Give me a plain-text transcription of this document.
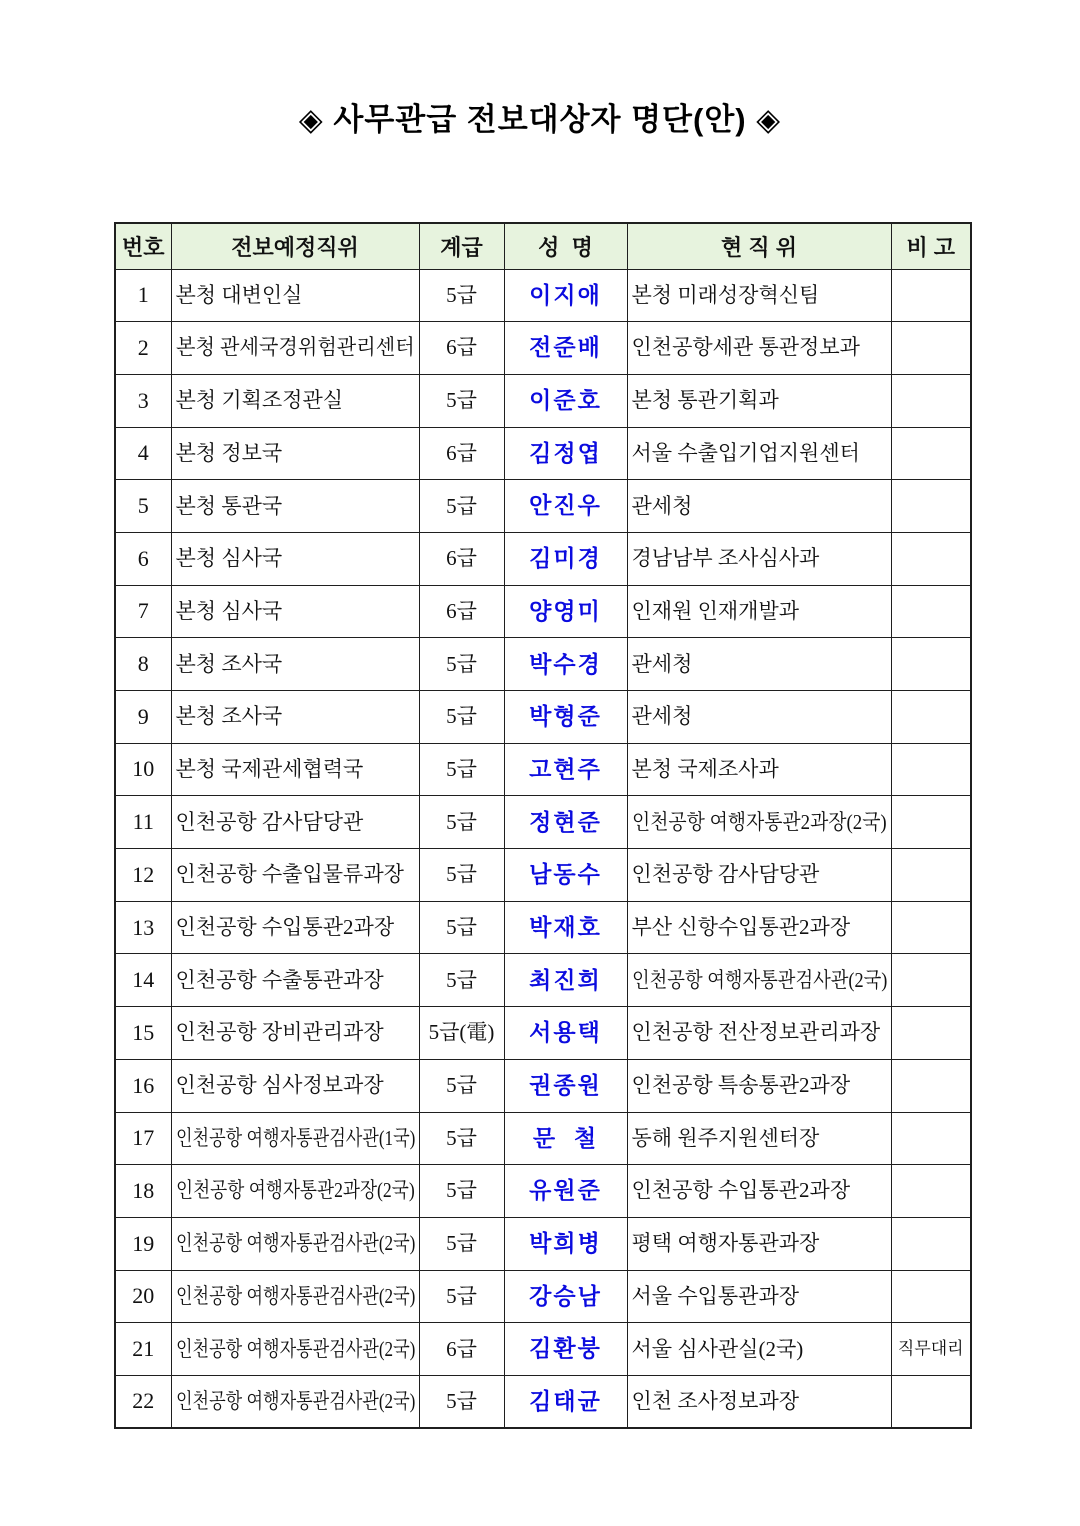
◈ 사무관급 전보대상자 명단(안) ◈
번호	전보예정직위	계급	성  명	현 직 위	비 고
1	본청 대변인실	5급	이지애	본청 미래성장혁신팀	
2	본청 관세국경위험관리센터	6급	전준배	인천공항세관 통관정보과	
3	본청 기획조정관실	5급	이준호	본청 통관기획과	
4	본청 정보국	6급	김정엽	서울 수출입기업지원센터	
5	본청 통관국	5급	안진우	관세청	
6	본청 심사국	6급	김미경	경남남부 조사심사과	
7	본청 심사국	6급	양영미	인재원 인재개발과	
8	본청 조사국	5급	박수경	관세청	
9	본청 조사국	5급	박형준	관세청	
10	본청 국제관세협력국	5급	고현주	본청 국제조사과	
11	인천공항 감사담당관	5급	정현준	인천공항 여행자통관2과장(2국)	
12	인천공항 수출입물류과장	5급	남동수	인천공항 감사담당관	
13	인천공항 수입통관2과장	5급	박재호	부산 신항수입통관2과장	
14	인천공항 수출통관과장	5급	최진희	인천공항 여행자통관검사관(2국)	
15	인천공항 장비관리과장	5급(電)	서용택	인천공항 전산정보관리과장	
16	인천공항 심사정보과장	5급	권종원	인천공항 특송통관2과장	
17	인천공항 여행자통관검사관(1국)	5급	문  철	동해 원주지원센터장	
18	인천공항 여행자통관2과장(2국)	5급	유원준	인천공항 수입통관2과장	
19	인천공항 여행자통관검사관(2국)	5급	박희병	평택 여행자통관과장	
20	인천공항 여행자통관검사관(2국)	5급	강승남	서울 수입통관과장	
21	인천공항 여행자통관검사관(2국)	6급	김환붕	서울 심사관실(2국)	직무대리
22	인천공항 여행자통관검사관(2국)	5급	김태균	인천 조사정보과장	
